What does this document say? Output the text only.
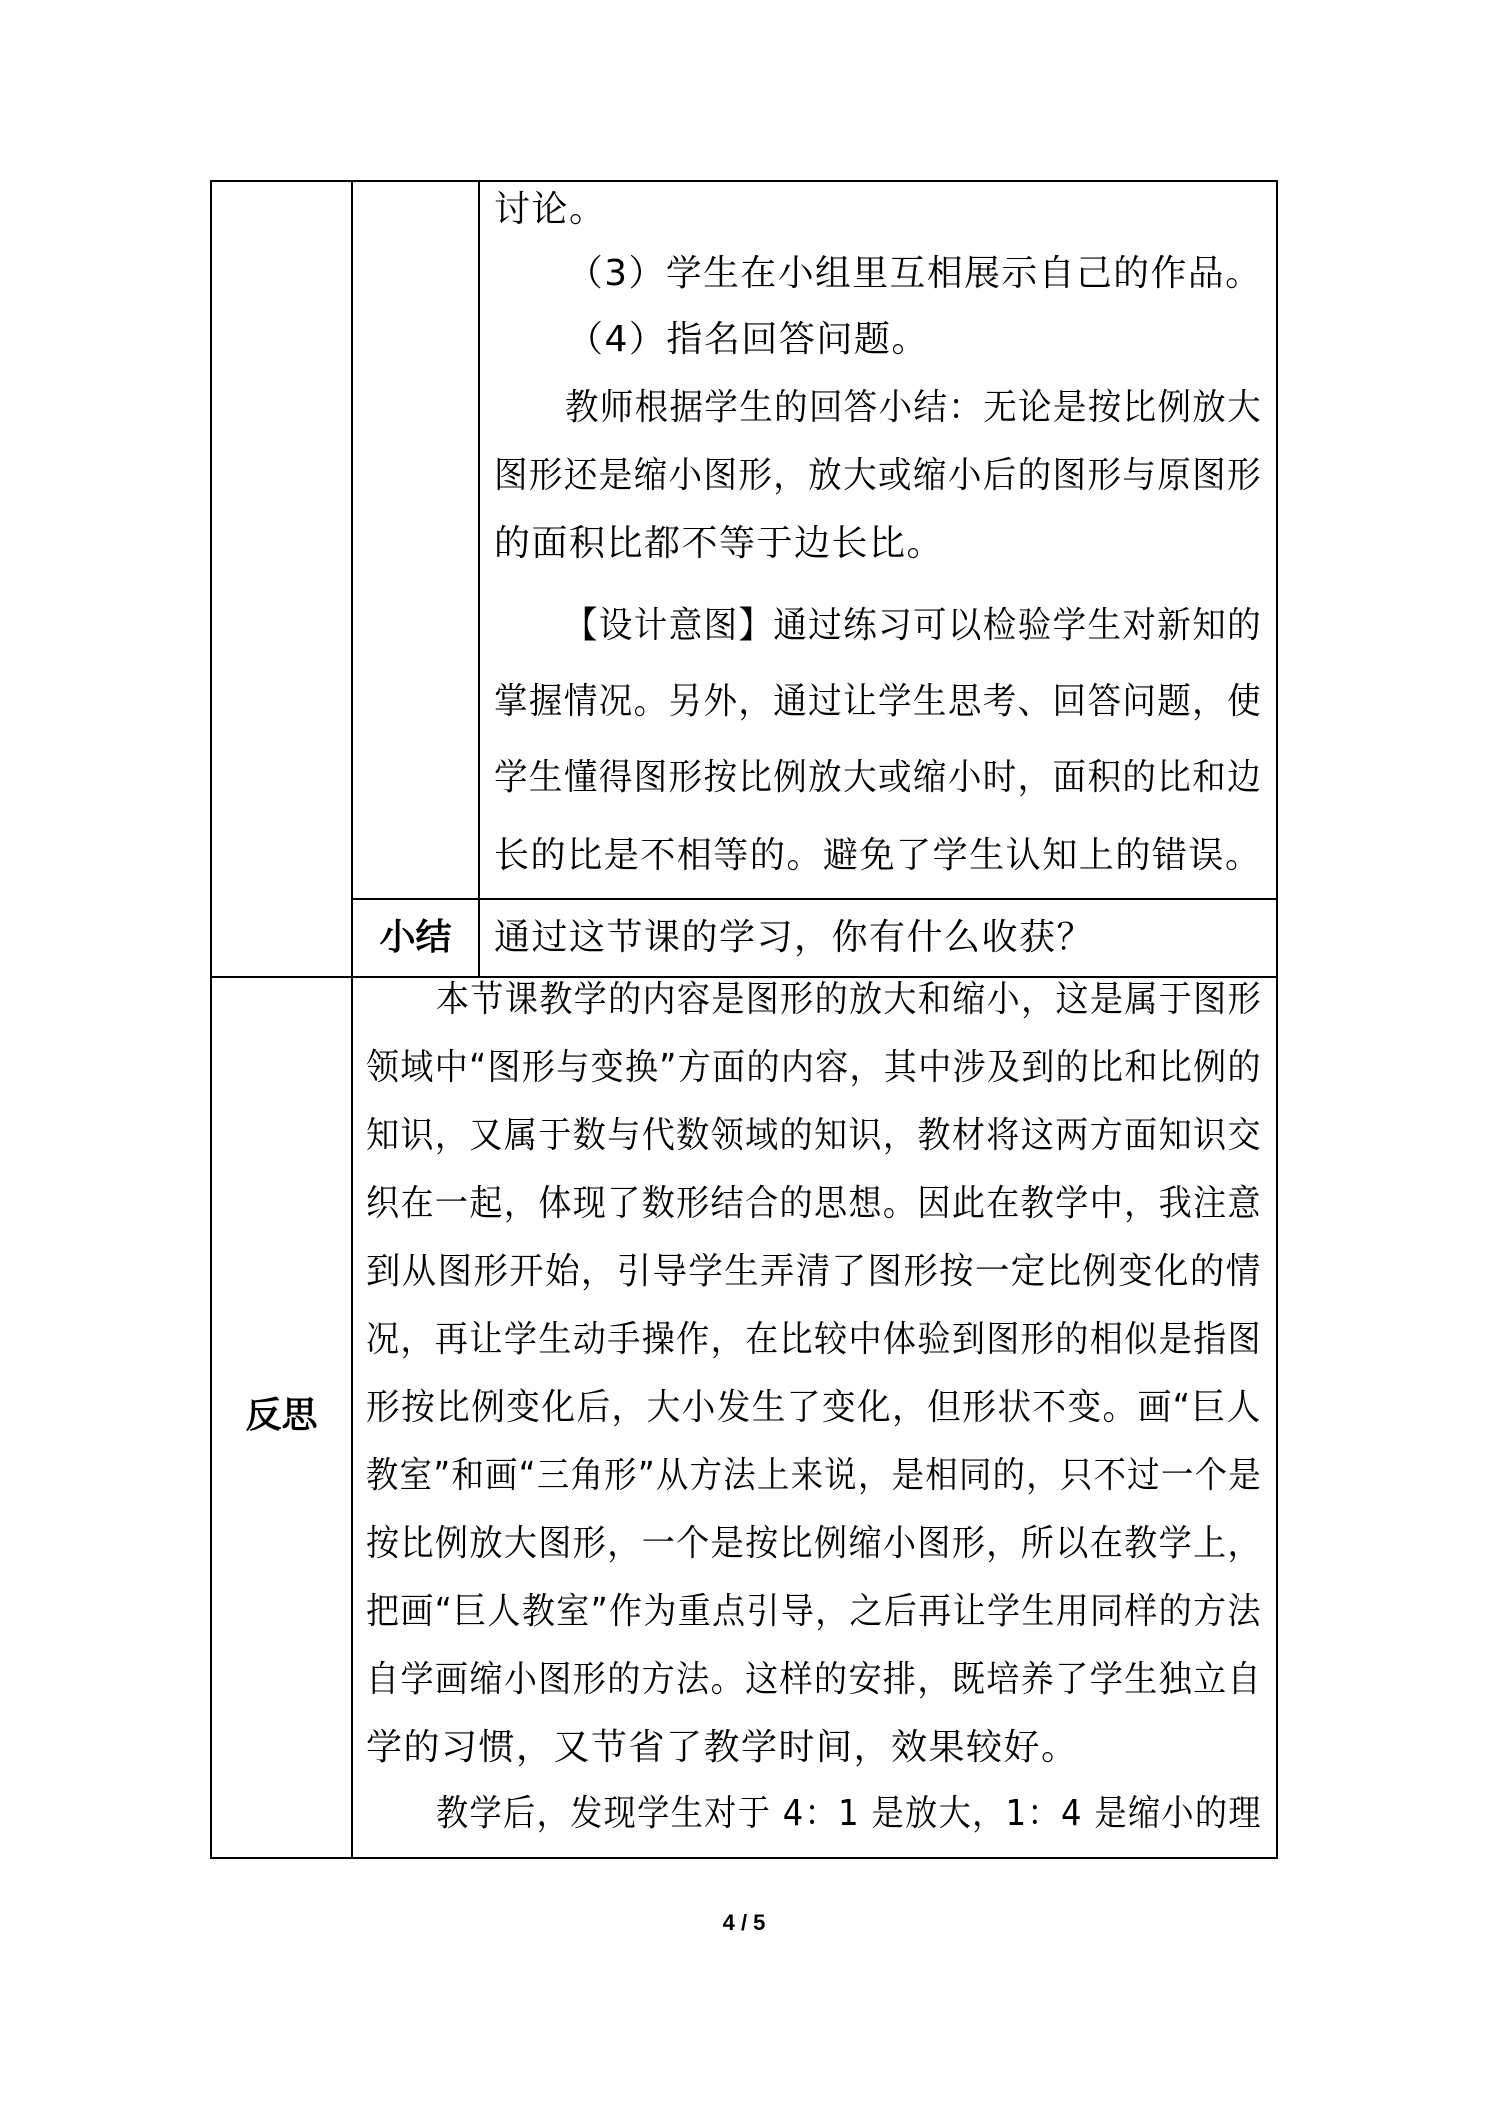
讨论。
（3）学生在小组里互相展示自己的作品。
（4）指名回答问题。
教师根据学生的回答小结：无论是按比例放大
图形还是缩小图形，放大或缩小后的图形与原图形
的面积比都不等于边长比。
【设计意图】通过练习可以检验学生对新知的
掌握情况。另外，通过让学生思考、回答问题，使
学生懂得图形按比例放大或缩小时，面积的比和边
长的比是不相等的。避免了学生认知上的错误。
小结	通过这节课的学习，你有什么收获？
反思
本节课教学的内容是图形的放大和缩小，这是属于图形
领域中“图形与变换”方面的内容，其中涉及到的比和比例的
知识，又属于数与代数领域的知识，教材将这两方面知识交
织在一起，体现了数形结合的思想。因此在教学中，我注意
到从图形开始，引导学生弄清了图形按一定比例变化的情
况，再让学生动手操作，在比较中体验到图形的相似是指图
形按比例变化后，大小发生了变化，但形状不变。画“巨人
教室”和画“三角形”从方法上来说，是相同的，只不过一个是
按比例放大图形，一个是按比例缩小图形，所以在教学上，
把画“巨人教室”作为重点引导，之后再让学生用同样的方法
自学画缩小图形的方法。这样的安排，既培养了学生独立自
学的习惯，又节省了教学时间，效果较好。
教学后，发现学生对于 4：1 是放大，1：4 是缩小的理
4 / 5
